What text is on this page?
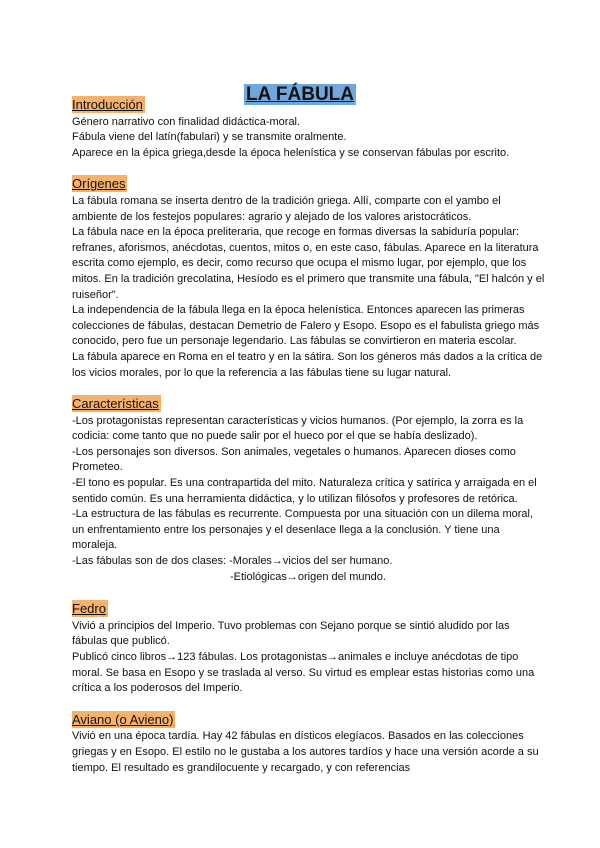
LA FÁBULA
Introducción

Género narrativo con finalidad didáctica-moral.

Fábula viene del latín(fabulari) y se transmite oralmente.

Aparece en la épica griega,desde la época helenística y se conservan fábulas por escrito.

Orígenes

La fábula romana se inserta dentro de la tradición griega. Allí, comparte con el yambo el ambiente de los festejos populares: agrario y alejado de los valores aristocráticos.

La fábula nace en la época preliteraria, que recoge en formas diversas la sabiduría popular: refranes, aforismos, anécdotas, cuentos, mitos o, en este caso, fábulas. Aparece en la literatura escrita como ejemplo, es decir, como recurso que ocupa el mismo lugar, por ejemplo, que los mitos. En la tradición grecolatina, Hesíodo es el primero que transmite una fábula, "El halcón y el ruiseñor".

La independencia de la fábula llega en la época helenística. Entonces aparecen las primeras colecciones de fábulas, destacan Demetrio de Falero y Esopo. Esopo es el fabulista griego más conocido, pero fue un personaje legendario. Las fábulas se convirtieron en materia escolar.

La fábula aparece en Roma en el teatro y en la sátira. Son los géneros más dados a la crítica de los vicios morales, por lo que la referencia a las fábulas tiene su lugar natural.

Características

-Los protagonistas representan características y vicios humanos. (Por ejemplo, la zorra es la codicia: come tanto que no puede salir por el hueco por el que se había deslizado).

-Los personajes son diversos. Son animales, vegetales o humanos. Aparecen dioses como Prometeo.

-El tono es popular. Es una contrapartida del mito. Naturaleza crítica y satírica y arraigada en el sentido común. Es una herramienta didáctica, y lo utilizan filósofos y profesores de retórica.

-La estructura de las fábulas es recurrente. Compuesta por una situación con un dilema moral, un enfrentamiento entre los personajes y el desenlace llega a la conclusión. Y tiene una moraleja.

-Las fábulas son de dos clases: -Morales→vicios del ser humano.

-Etiológicas→origen del mundo.

Fedro

Vivió a principios del Imperio. Tuvo problemas con Sejano porque se sintió aludido por las fábulas que publicó.

Publicó cinco libros→123 fábulas. Los protagonistas→animales e incluye anécdotas de tipo moral. Se basa en Esopo y se traslada al verso. Su virtud es emplear estas historias como una crítica a los poderosos del Imperio.

Aviano (o Avieno)

Vivió en una época tardía. Hay 42 fábulas en dísticos elegíacos. Basados en las colecciones griegas y en Esopo. El estilo no le gustaba a los autores tardíos y hace una versión acorde a su tiempo. El resultado es grandilocuente y recargado, y con referencias
